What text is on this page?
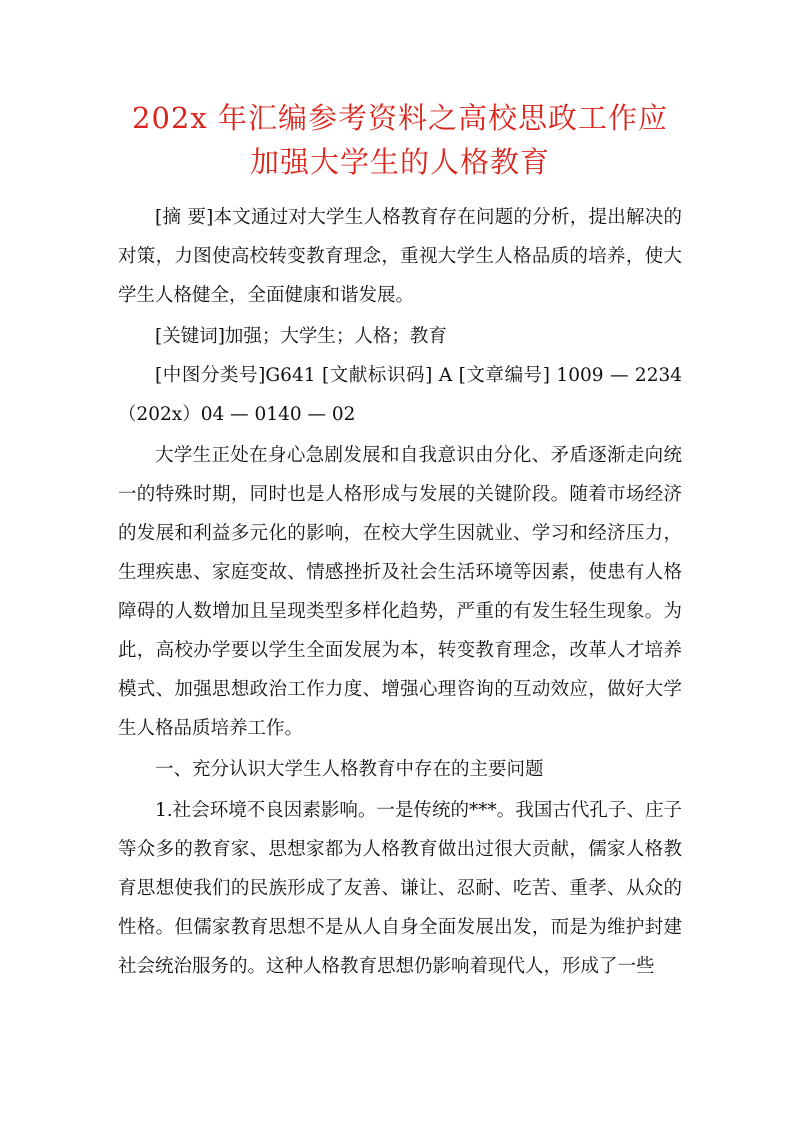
202x 年汇编参考资料之高校思政工作应加强大学生的人格教育

[摘 要]本文通过对大学生人格教育存在问题的分析，提出解决的对策，力图使高校转变教育理念，重视大学生人格品质的培养，使大学生人格健全，全面健康和谐发展。

[关键词]加强；大学生；人格；教育

[中图分类号]G641 [文献标识码] A [文章编号] 1009 — 2234（202x）04 — 0140 — 02

大学生正处在身心急剧发展和自我意识由分化、矛盾逐渐走向统一的特殊时期，同时也是人格形成与发展的关键阶段。随着市场经济的发展和利益多元化的影响，在校大学生因就业、学习和经济压力，生理疾患、家庭变故、情感挫折及社会生活环境等因素，使患有人格障碍的人数增加且呈现类型多样化趋势，严重的有发生轻生现象。为此，高校办学要以学生全面发展为本，转变教育理念，改革人才培养模式、加强思想政治工作力度、增强心理咨询的互动效应，做好大学生人格品质培养工作。

一、充分认识大学生人格教育中存在的主要问题

1.社会环境不良因素影响。一是传统的***。我国古代孔子、庄子等众多的教育家、思想家都为人格教育做出过很大贡献，儒家人格教育思想使我们的民族形成了友善、谦让、忍耐、吃苦、重孝、从众的性格。但儒家教育思想不是从人自身全面发展出发，而是为维护封建社会统治服务的。这种人格教育思想仍影响着现代人，形成了一些
